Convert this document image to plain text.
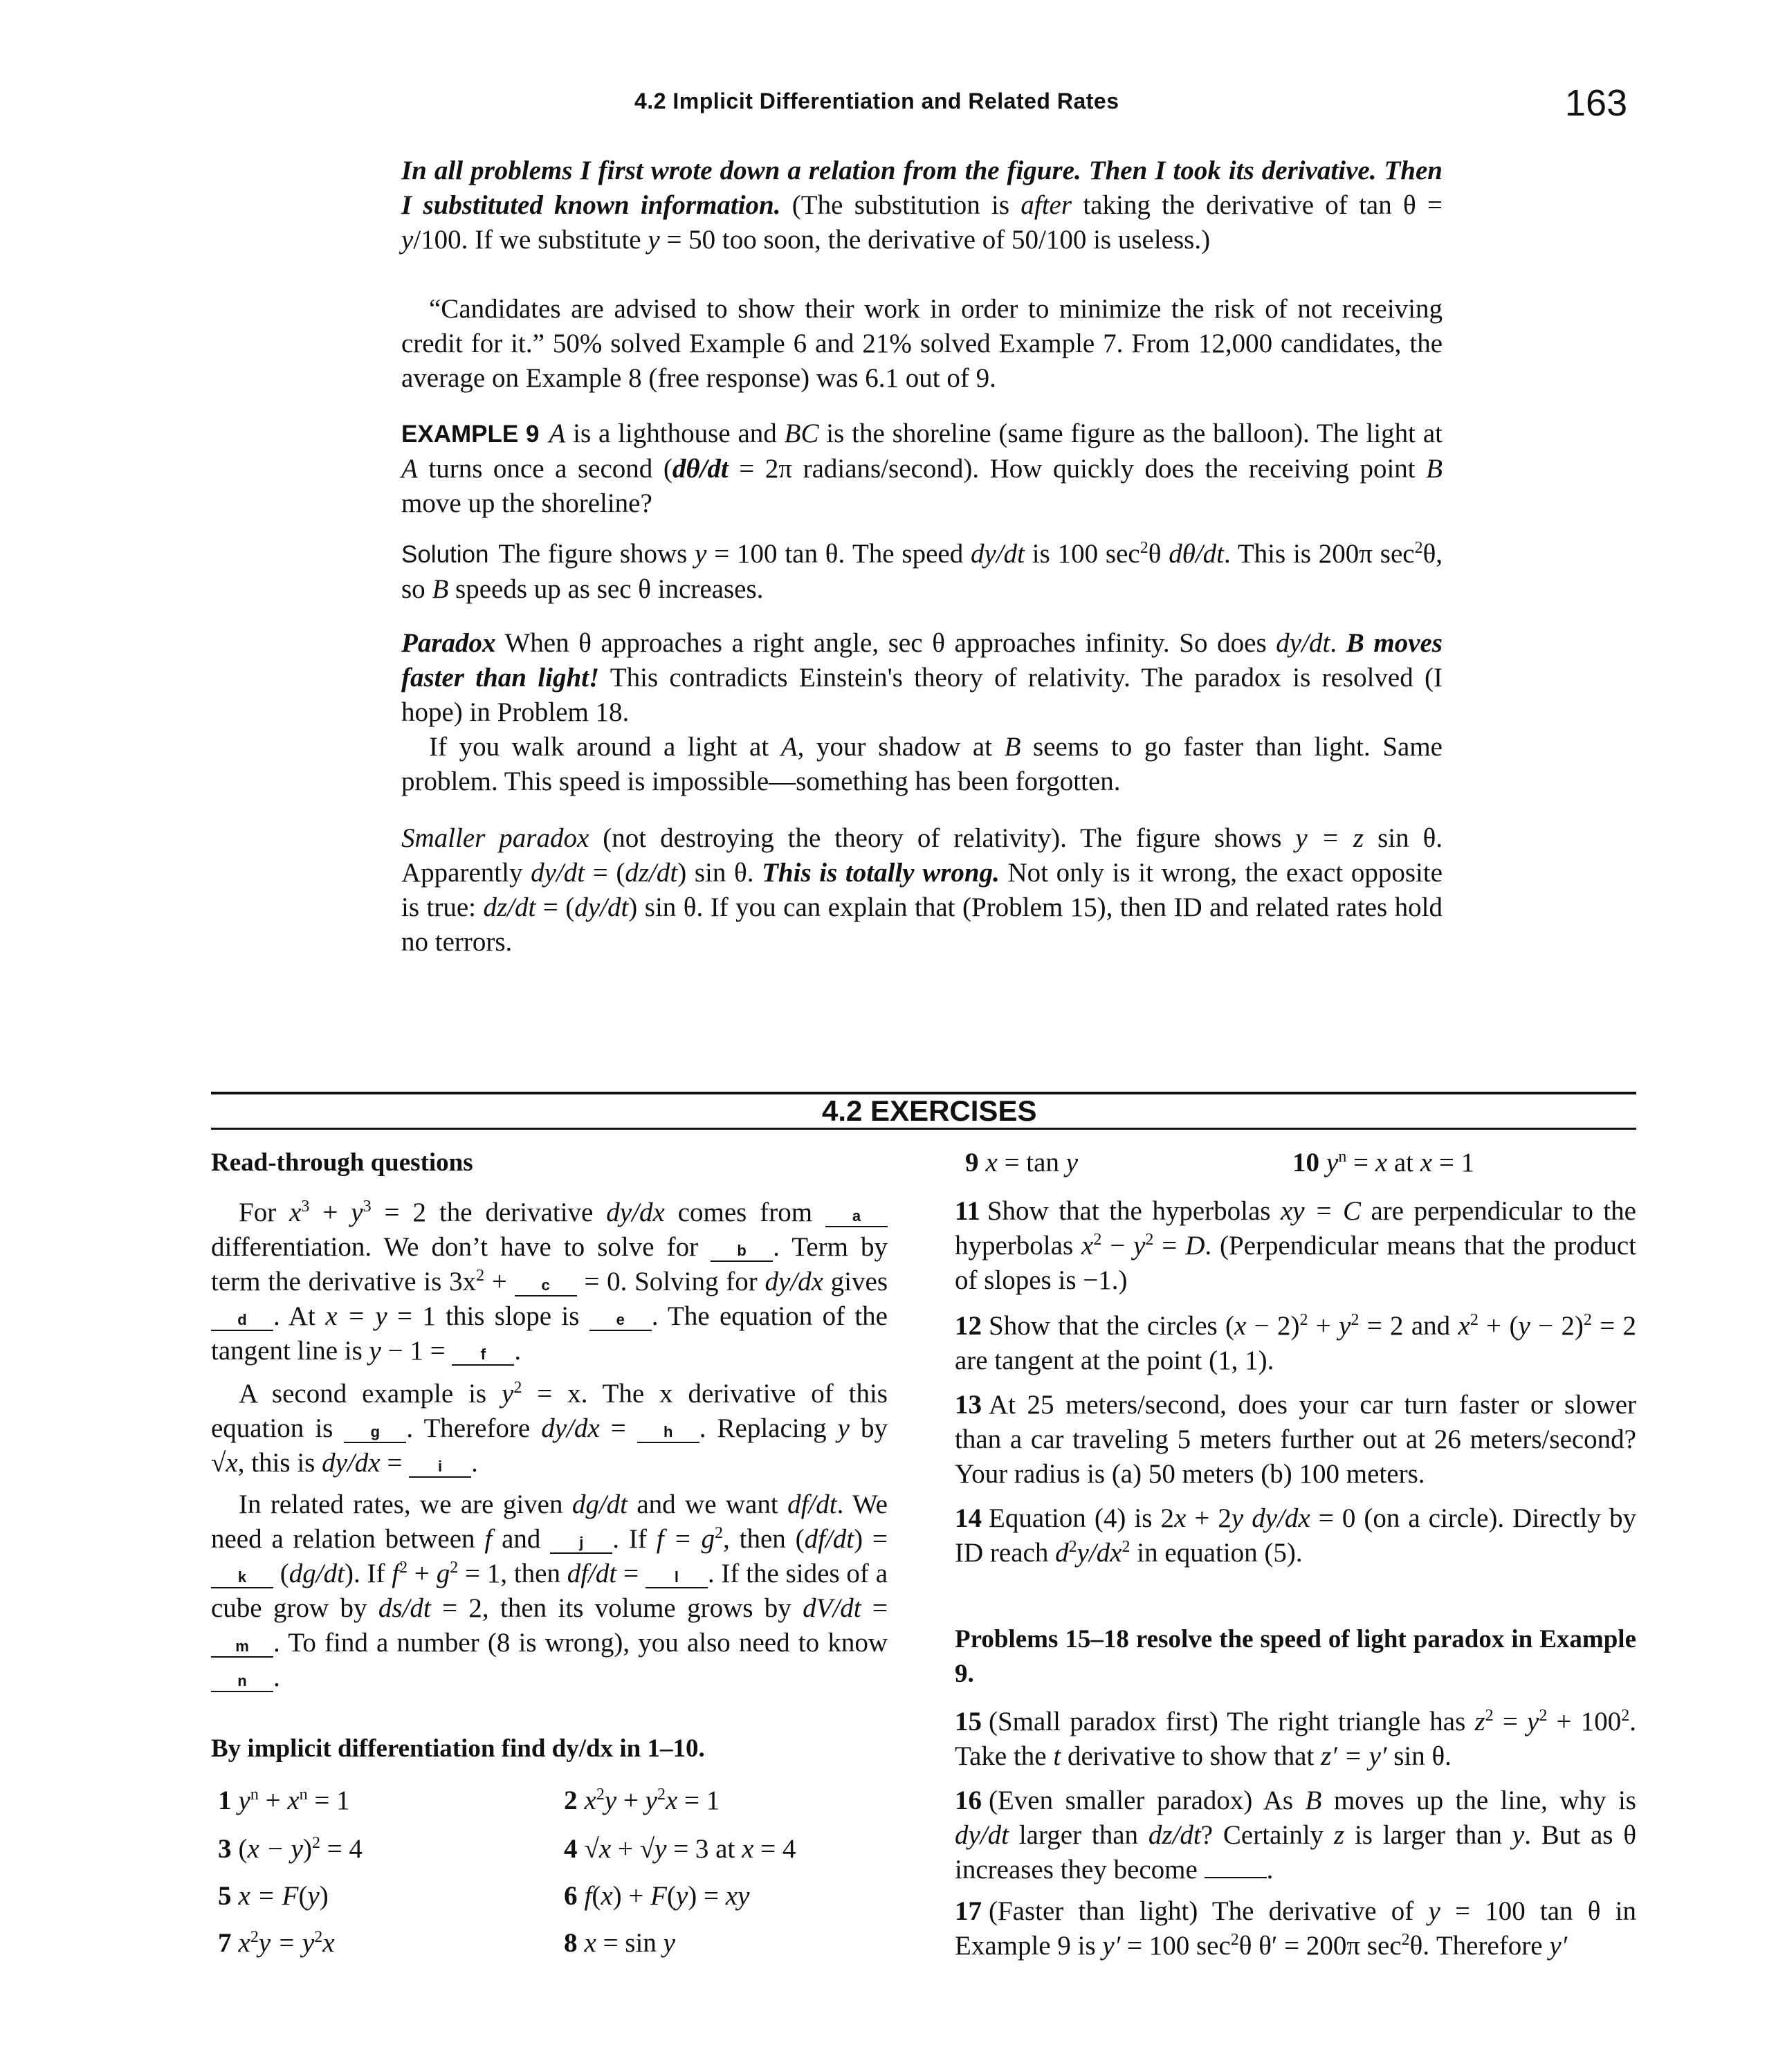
4.2 Implicit Differentiation and Related Rates	163
In all problems I first wrote down a relation from the figure. Then I took its derivative. Then I substituted known information. (The substitution is after taking the derivative of tan θ = y/100. If we substitute y = 50 too soon, the derivative of 50/100 is useless.)
“Candidates are advised to show their work in order to minimize the risk of not receiving credit for it.” 50% solved Example 6 and 21% solved Example 7. From 12,000 candidates, the average on Example 8 (free response) was 6.1 out of 9.
EXAMPLE 9 A is a lighthouse and BC is the shoreline (same figure as the balloon). The light at A turns once a second (dθ/dt = 2π radians/second). How quickly does the receiving point B move up the shoreline?
Solution The figure shows y = 100 tan θ. The speed dy/dt is 100 $\sec^2\theta$ dθ/dt. This is 200π $\sec^2\theta$, so B speeds up as sec θ increases.
Paradox When θ approaches a right angle, sec θ approaches infinity. So does dy/dt. B moves faster than light! This contradicts Einstein's theory of relativity. The paradox is resolved (I hope) in Problem 18.
If you walk around a light at A, your shadow at B seems to go faster than light. Same problem. This speed is impossible—something has been forgotten.
Smaller paradox (not destroying the theory of relativity). The figure shows y = z sin θ. Apparently dy/dt = (dz/dt) sin θ. This is totally wrong. Not only is it wrong, the exact opposite is true: dz/dt = (dy/dt) sin θ. If you can explain that (Problem 15), then ID and related rates hold no terrors.
4.2 EXERCISES
Read-through questions
For $x^3 + y^3 = 2$ the derivative dy/dx comes from a differentiation. We don’t have to solve for b . Term by term the derivative is $3x^2 + c = 0$. Solving for dy/dx gives d . At x = y = 1 this slope is e . The equation of the tangent line is y − 1 = f .
A second example is $y^2 = x$. The x derivative of this equation is g . Therefore dy/dx = h . Replacing y by √x, this is dy/dx = i .
In related rates, we are given dg/dt and we want df/dt. We need a relation between f and j . If $f = g^2$, then (df/dt) = k (dg/dt). If $f^2 + g^2 = 1$, then df/dt = l . If the sides of a cube grow by ds/dt = 2, then its volume grows by dV/dt = m . To find a number (8 is wrong), you also need to know n .
By implicit differentiation find dy/dx in 1–10.
1 $y^n + x^n = 1$	2 $x^2y + y^2x = 1$
3 $(x - y)^2 = 4$	4 √x + √y = 3 at x = 4
5 x = F(y)	6 f(x) + F(y) = xy
7 $x^2y = y^2x$	8 x = sin y
9 x = tan y	10 $y^n = x$ at x = 1
11 Show that the hyperbolas xy = C are perpendicular to the hyperbolas $x^2 - y^2 = D$. (Perpendicular means that the product of slopes is −1.)
12 Show that the circles $(x - 2)^2 + y^2 = 2$ and $x^2 + (y - 2)^2 = 2$ are tangent at the point (1, 1).
13 At 25 meters/second, does your car turn faster or slower than a car traveling 5 meters further out at 26 meters/second? Your radius is (a) 50 meters (b) 100 meters.
14 Equation (4) is 2x + 2y dy/dx = 0 (on a circle). Directly by ID reach $d^2y/dx^2$ in equation (5).
Problems 15–18 resolve the speed of light paradox in Example 9.
15 (Small paradox first) The right triangle has $z^2 = y^2 + 100^2$. Take the t derivative to show that z′ = y′ sin θ.
16 (Even smaller paradox) As B moves up the line, why is dy/dt larger than dz/dt? Certainly z is larger than y. But as θ increases they become .
17 (Faster than light) The derivative of y = 100 tan θ in Example 9 is y′ = 100 $\sec^2\theta$ θ′ = 200π $\sec^2\theta$. Therefore y′
